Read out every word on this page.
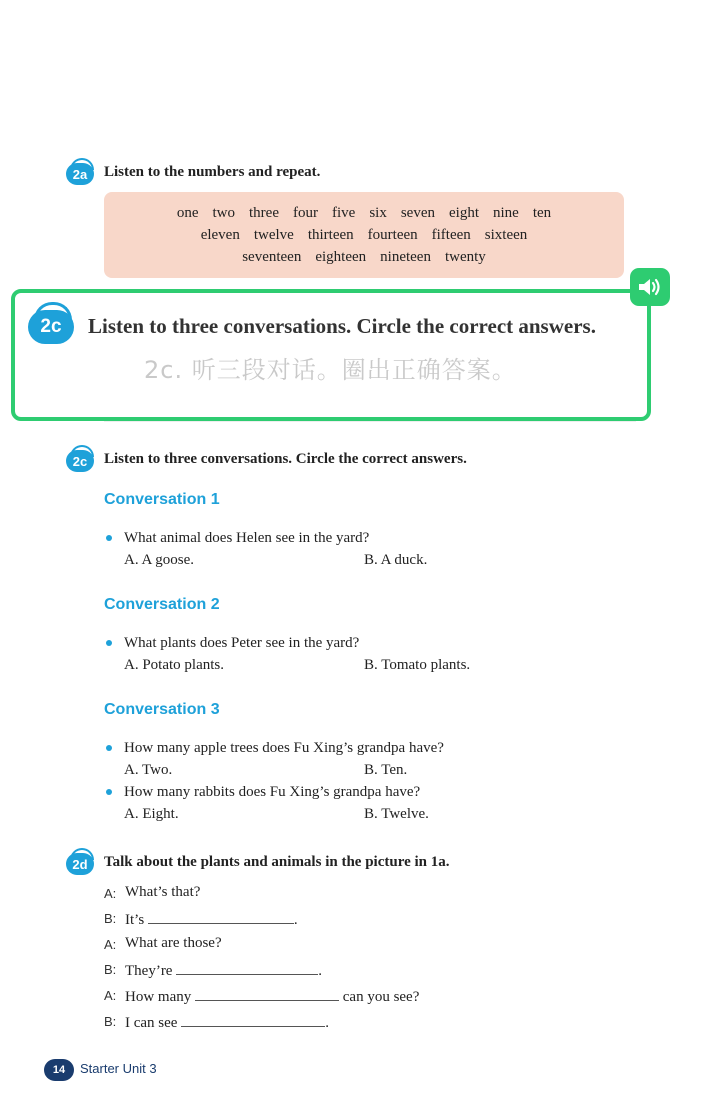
2a	Listen to the numbers and repeat.
one two three four five six seven eight nine ten
eleven twelve thirteen fourteen fifteen sixteen
seventeen eighteen nineteen twenty
2c	Listen to three conversations. Circle the correct answers.
2c. 听三段对话。圈出正确答案。
2c	Listen to three conversations. Circle the correct answers.
Conversation 1
What animal does Helen see in the yard?
A. A goose.	B. A duck.
Conversation 2
What plants does Peter see in the yard?
A. Potato plants.	B. Tomato plants.
Conversation 3
How many apple trees does Fu Xing’s grandpa have?
A. Two.	B. Ten.
How many rabbits does Fu Xing’s grandpa have?
A. Eight.	B. Twelve.
2d	Talk about the plants and animals in the picture in 1a.
A: What’s that?
B: It’s	.
A: What are those?
B: They’re	.
A: How many	can you see?
B: I can see	.
14	Starter Unit 3
